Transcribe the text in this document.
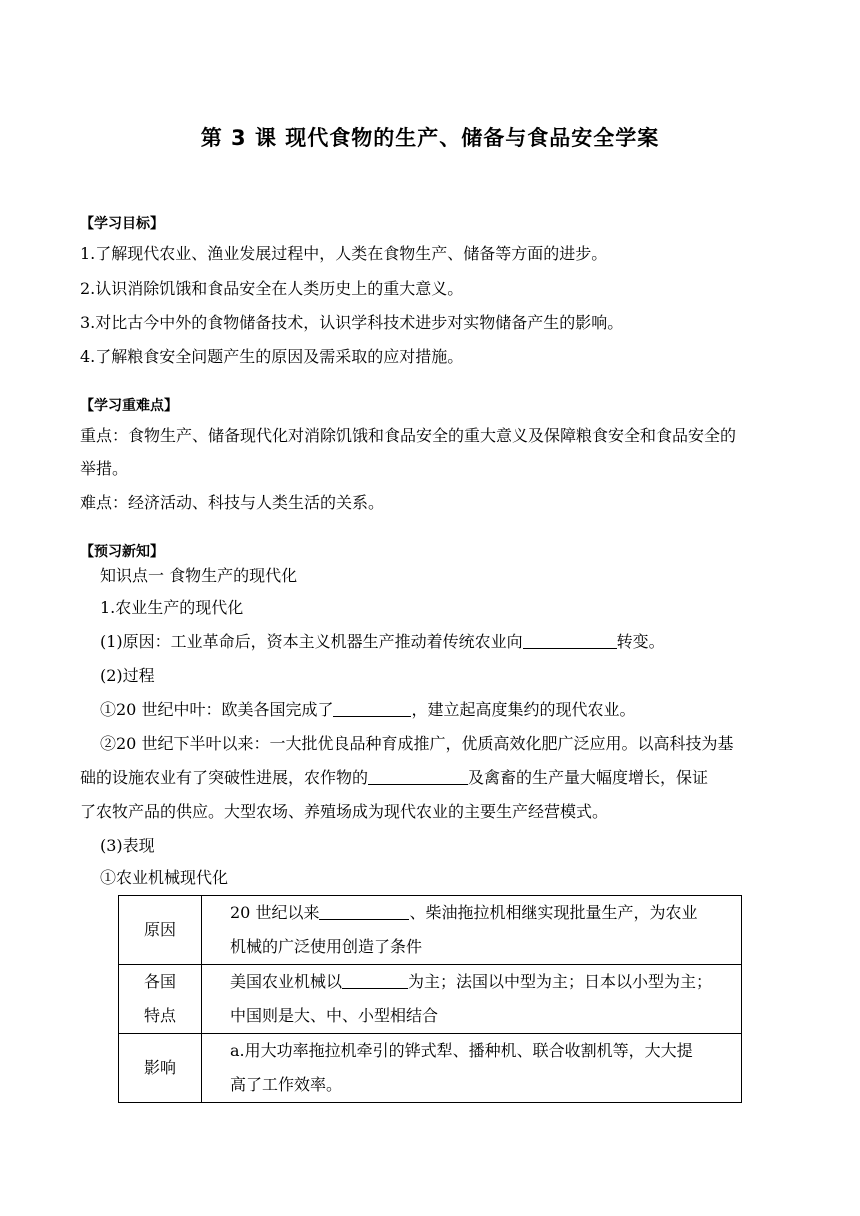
第 3 课 现代食物的生产、储备与食品安全学案
【学习目标】
1.了解现代农业、渔业发展过程中，人类在食物生产、储备等方面的进步。
2.认识消除饥饿和食品安全在人类历史上的重大意义。
3.对比古今中外的食物储备技术，认识学科技术进步对实物储备产生的影响。
4.了解粮食安全问题产生的原因及需采取的应对措施。
【学习重难点】
重点：食物生产、储备现代化对消除饥饿和食品安全的重大意义及保障粮食安全和食品安全的
举措。
难点：经济活动、科技与人类生活的关系。
【预习新知】
知识点一 食物生产的现代化
1.农业生产的现代化
(1)原因：工业革命后，资本主义机器生产推动着传统农业向	转变。
(2)过程
①20 世纪中叶：欧美各国完成了	，建立起高度集约的现代农业。
②20 世纪下半叶以来：一大批优良品种育成推广，优质高效化肥广泛应用。以高科技为基
础的设施农业有了突破性进展，农作物的	及禽畜的生产量大幅度增长，保证
了农牧产品的供应。大型农场、养殖场成为现代农业的主要生产经营模式。
(3)表现
①农业机械现代化
原因	20 世纪以来 、柴油拖拉机相继实现批量生产，为农业
机械的广泛使用创造了条件

各国
特点	美国农业机械以 为主；法国以中型为主；日本以小型为主；
中国则是大、中、小型相结合

影响	a.用大功率拖拉机牵引的铧式犁、播种机、联合收割机等，大大提
高了工作效率。
